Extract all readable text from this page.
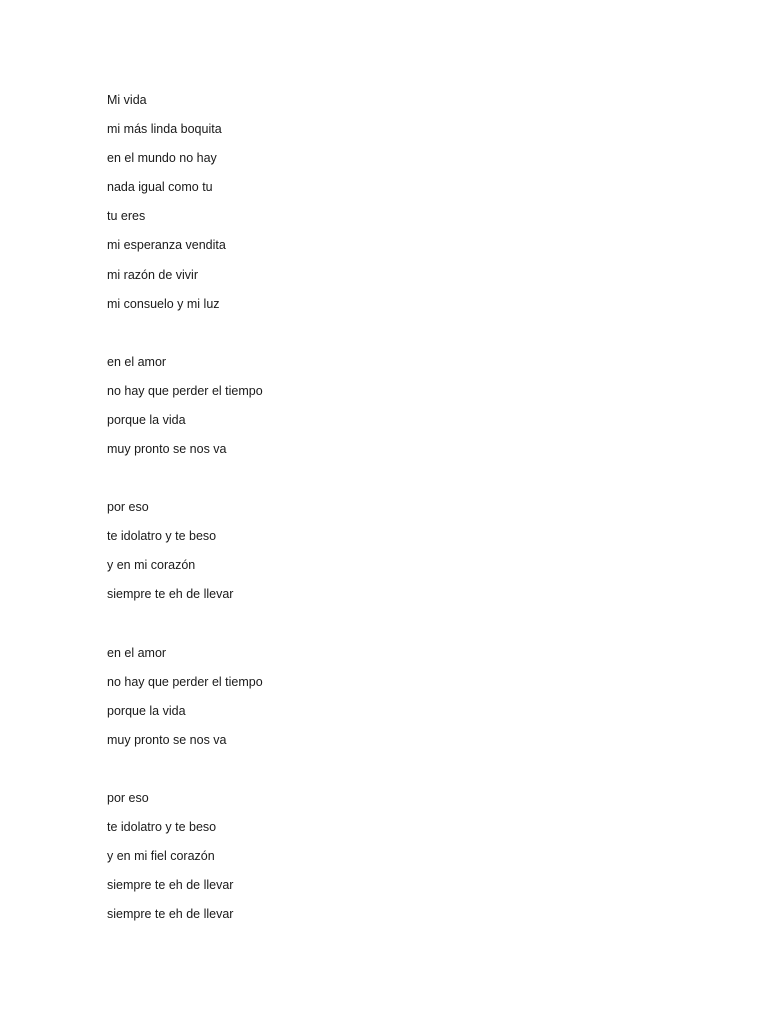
Mi vida
mi más linda boquita
en el mundo no hay
nada igual como tu
tu eres
mi esperanza vendita
mi razón de vivir
mi consuelo y mi luz
en el amor
no hay que perder el tiempo
porque la vida
muy pronto se nos va
por eso
te idolatro y te beso
y en mi corazón
siempre te eh de llevar
en el amor
no hay que perder el tiempo
porque la vida
muy pronto se nos va
por eso
te idolatro y te beso
y en mi fiel corazón
siempre te eh de llevar
siempre te eh de llevar
